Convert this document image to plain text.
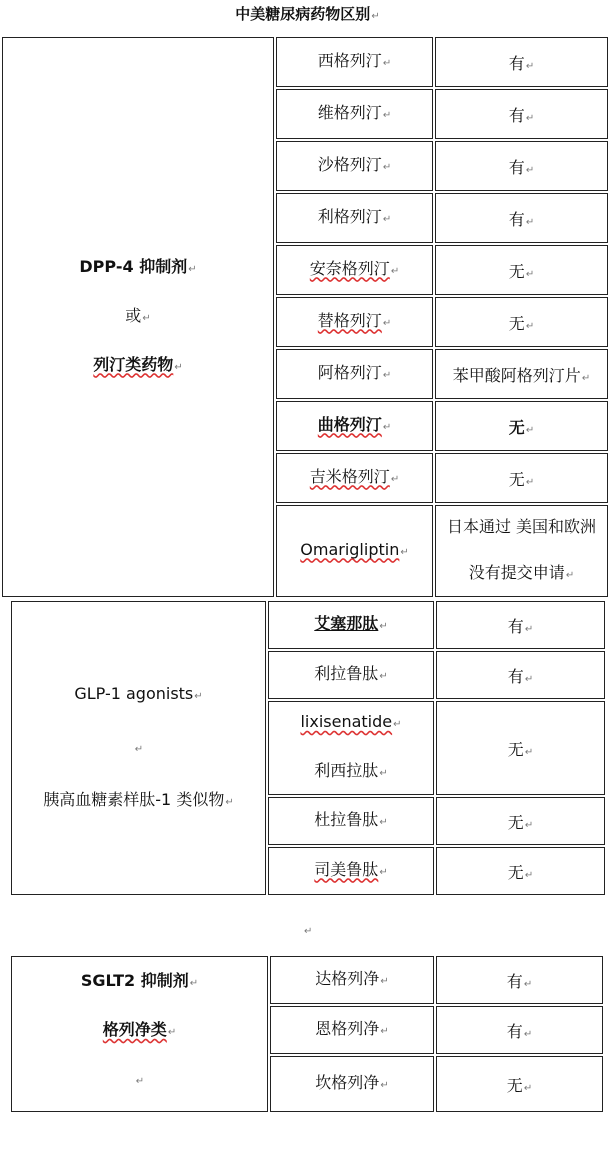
中美糖尿病药物区别↵
DPP-4 抑制剂↵
或↵
列汀类药物↵	西格列汀↵	有↵
	维格列汀↵	有↵
	沙格列汀↵	有↵
	利格列汀↵	有↵
	安奈格列汀↵	无↵
	替格列汀↵	无↵
	阿格列汀↵	苯甲酸阿格列汀片↵
	曲格列汀↵	无↵
	吉米格列汀↵	无↵
	Omarigliptin↵	日本通过 美国和欧洲
没有提交申请↵
GLP-1 agonists↵
↵
胰高血糖素样肽-1 类似物↵	艾塞那肽↵	有↵
	利拉鲁肽↵	有↵
	lixisenatide↵
利西拉肽↵	无↵
	杜拉鲁肽↵	无↵
	司美鲁肽↵	无↵
↵
SGLT2 抑制剂↵
格列净类↵
↵	达格列净↵	有↵
	恩格列净↵	有↵
	坎格列净↵	无↵
